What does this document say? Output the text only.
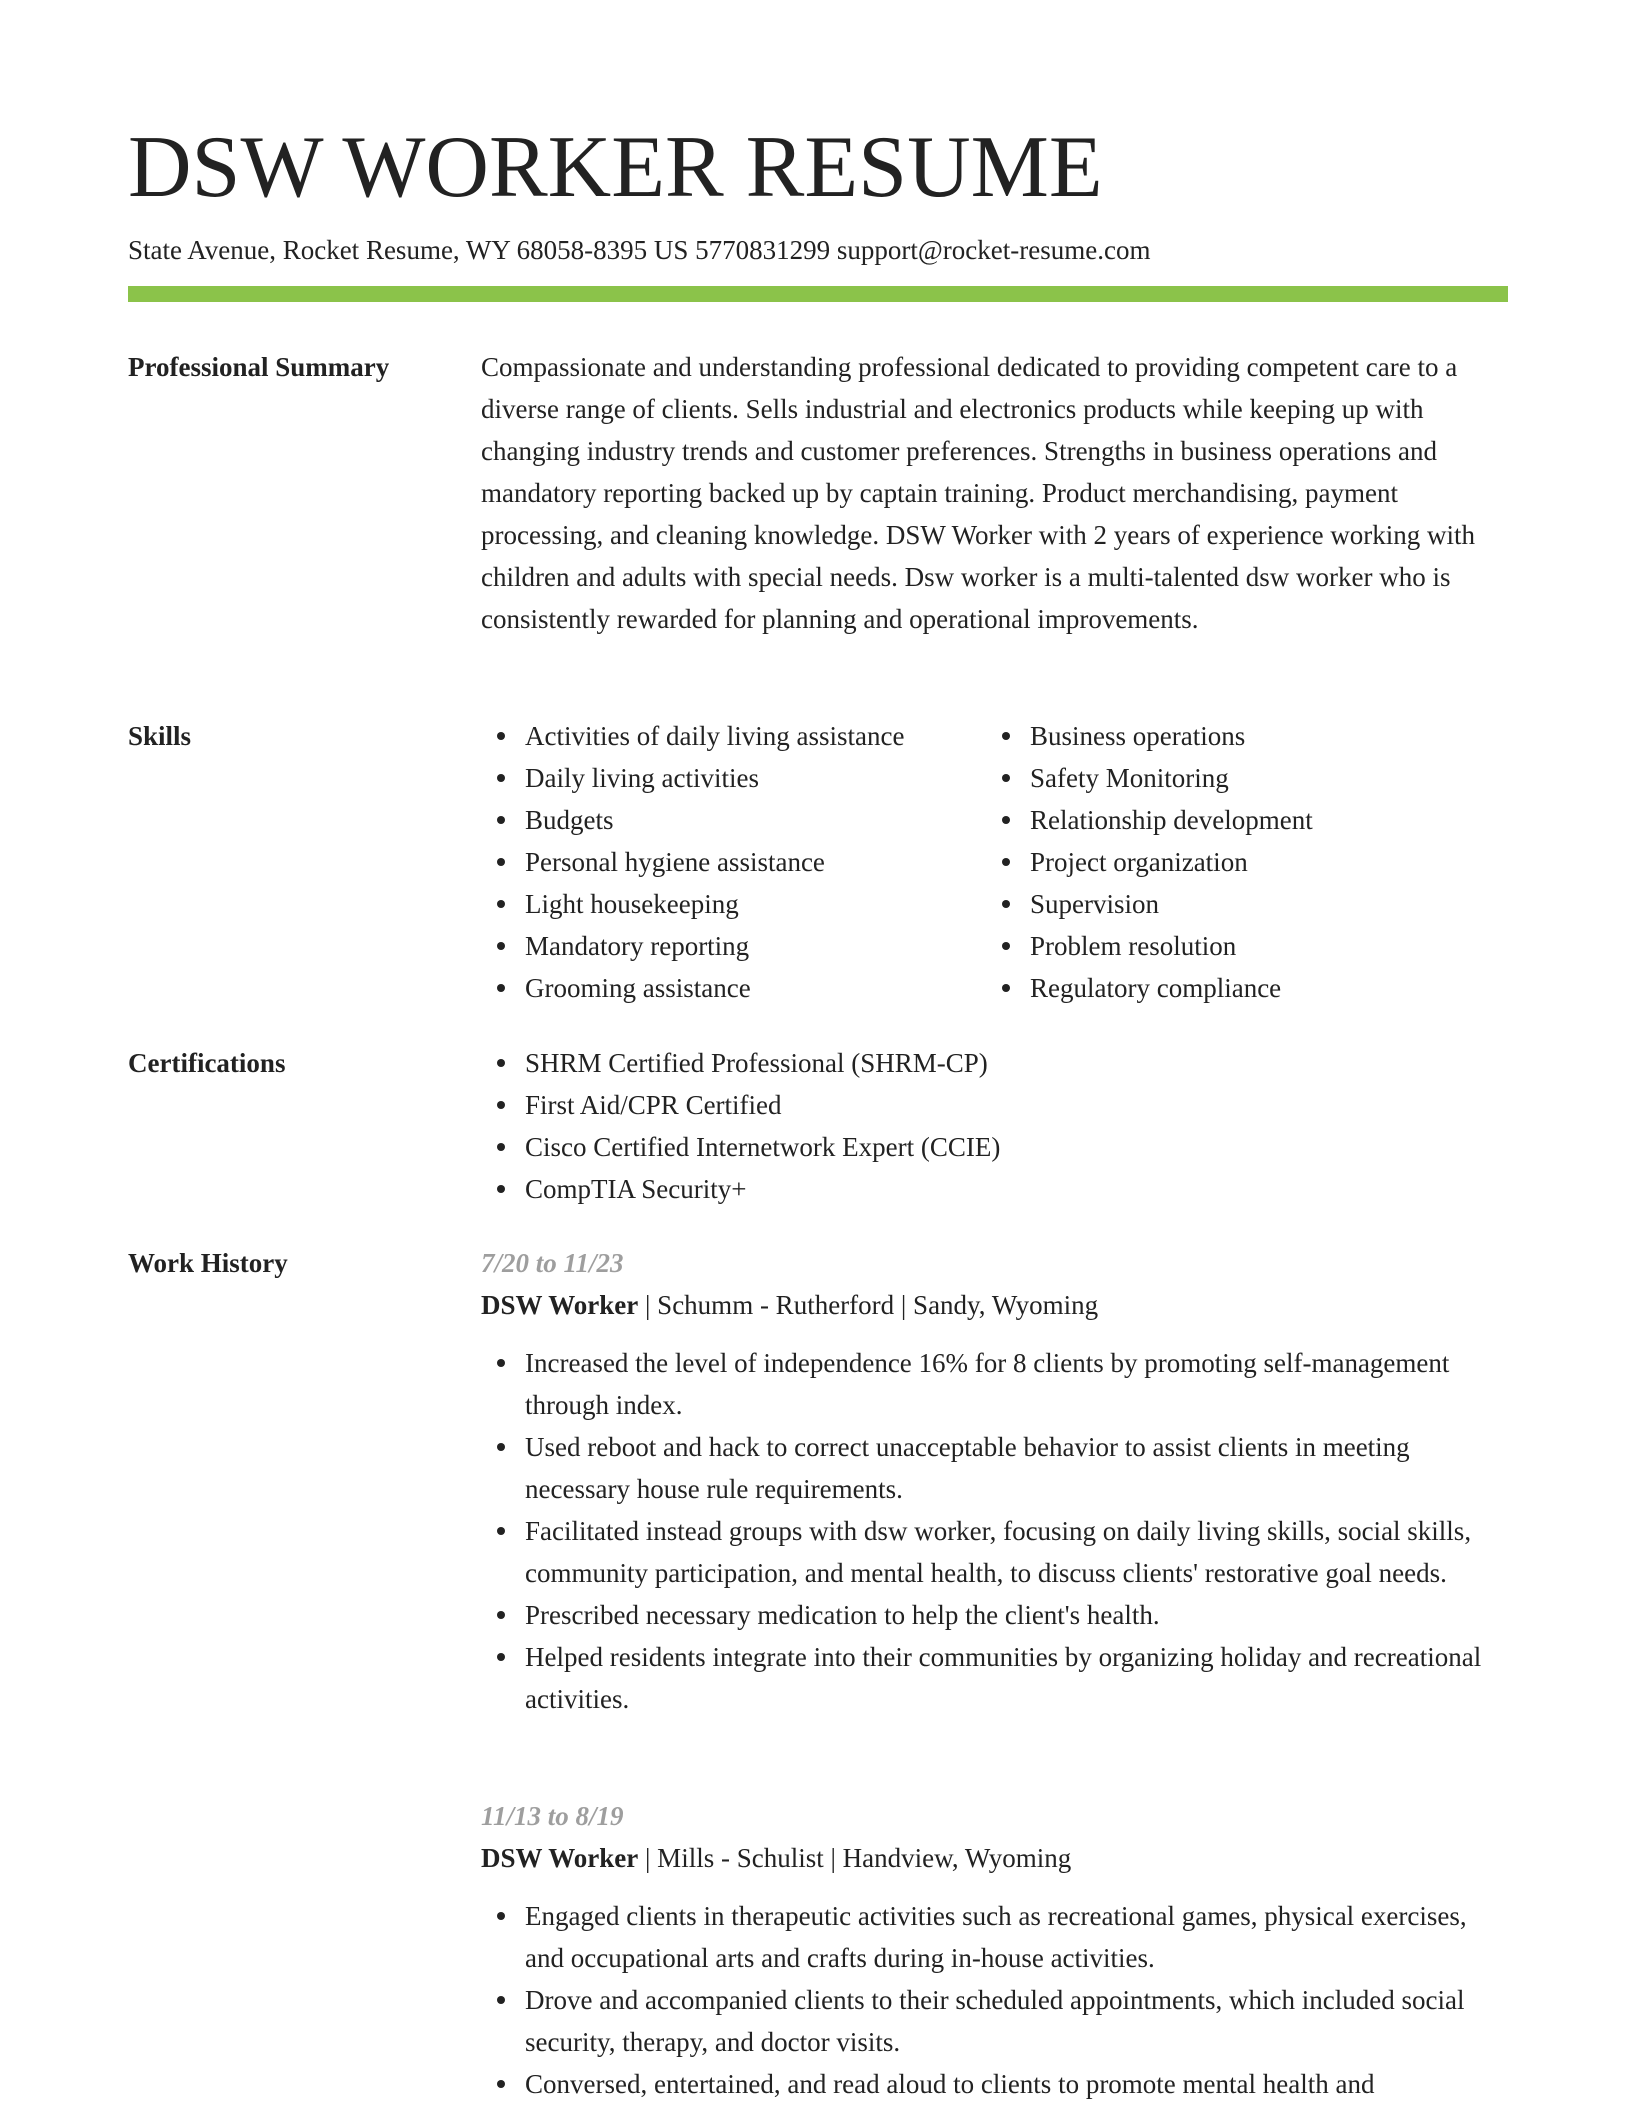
DSW WORKER RESUME
State Avenue, Rocket Resume, WY 68058-8395 US 5770831299 support@rocket-resume.com
Professional Summary	Compassionate and understanding professional dedicated to providing competent care to a diverse range of clients. Sells industrial and electronics products while keeping up with changing industry trends and customer preferences. Strengths in business operations and mandatory reporting backed up by captain training. Product merchandising, payment processing, and cleaning knowledge. DSW Worker with 2 years of experience working with children and adults with special needs. Dsw worker is a multi-talented dsw worker who is consistently rewarded for planning and operational improvements.
Skills	Activities of daily living assistance
Daily living activities
Budgets
Personal hygiene assistance
Light housekeeping
Mandatory reporting
Grooming assistance
Business operations
Safety Monitoring
Relationship development
Project organization
Supervision
Problem resolution
Regulatory compliance
Certifications	SHRM Certified Professional (SHRM-CP)
First Aid/CPR Certified
Cisco Certified Internetwork Expert (CCIE)
CompTIA Security+
Work History	7/20 to 11/23
DSW Worker | Schumm - Rutherford | Sandy, Wyoming
Increased the level of independence 16% for 8 clients by promoting self-management through index.
Used reboot and hack to correct unacceptable behavior to assist clients in meeting necessary house rule requirements.
Facilitated instead groups with dsw worker, focusing on daily living skills, social skills, community participation, and mental health, to discuss clients' restorative goal needs.
Prescribed necessary medication to help the client's health.
Helped residents integrate into their communities by organizing holiday and recreational activities.
11/13 to 8/19
DSW Worker | Mills - Schulist | Handview, Wyoming
Engaged clients in therapeutic activities such as recreational games, physical exercises, and occupational arts and crafts during in-house activities.
Drove and accompanied clients to their scheduled appointments, which included social security, therapy, and doctor visits.
Conversed, entertained, and read aloud to clients to promote mental health and
